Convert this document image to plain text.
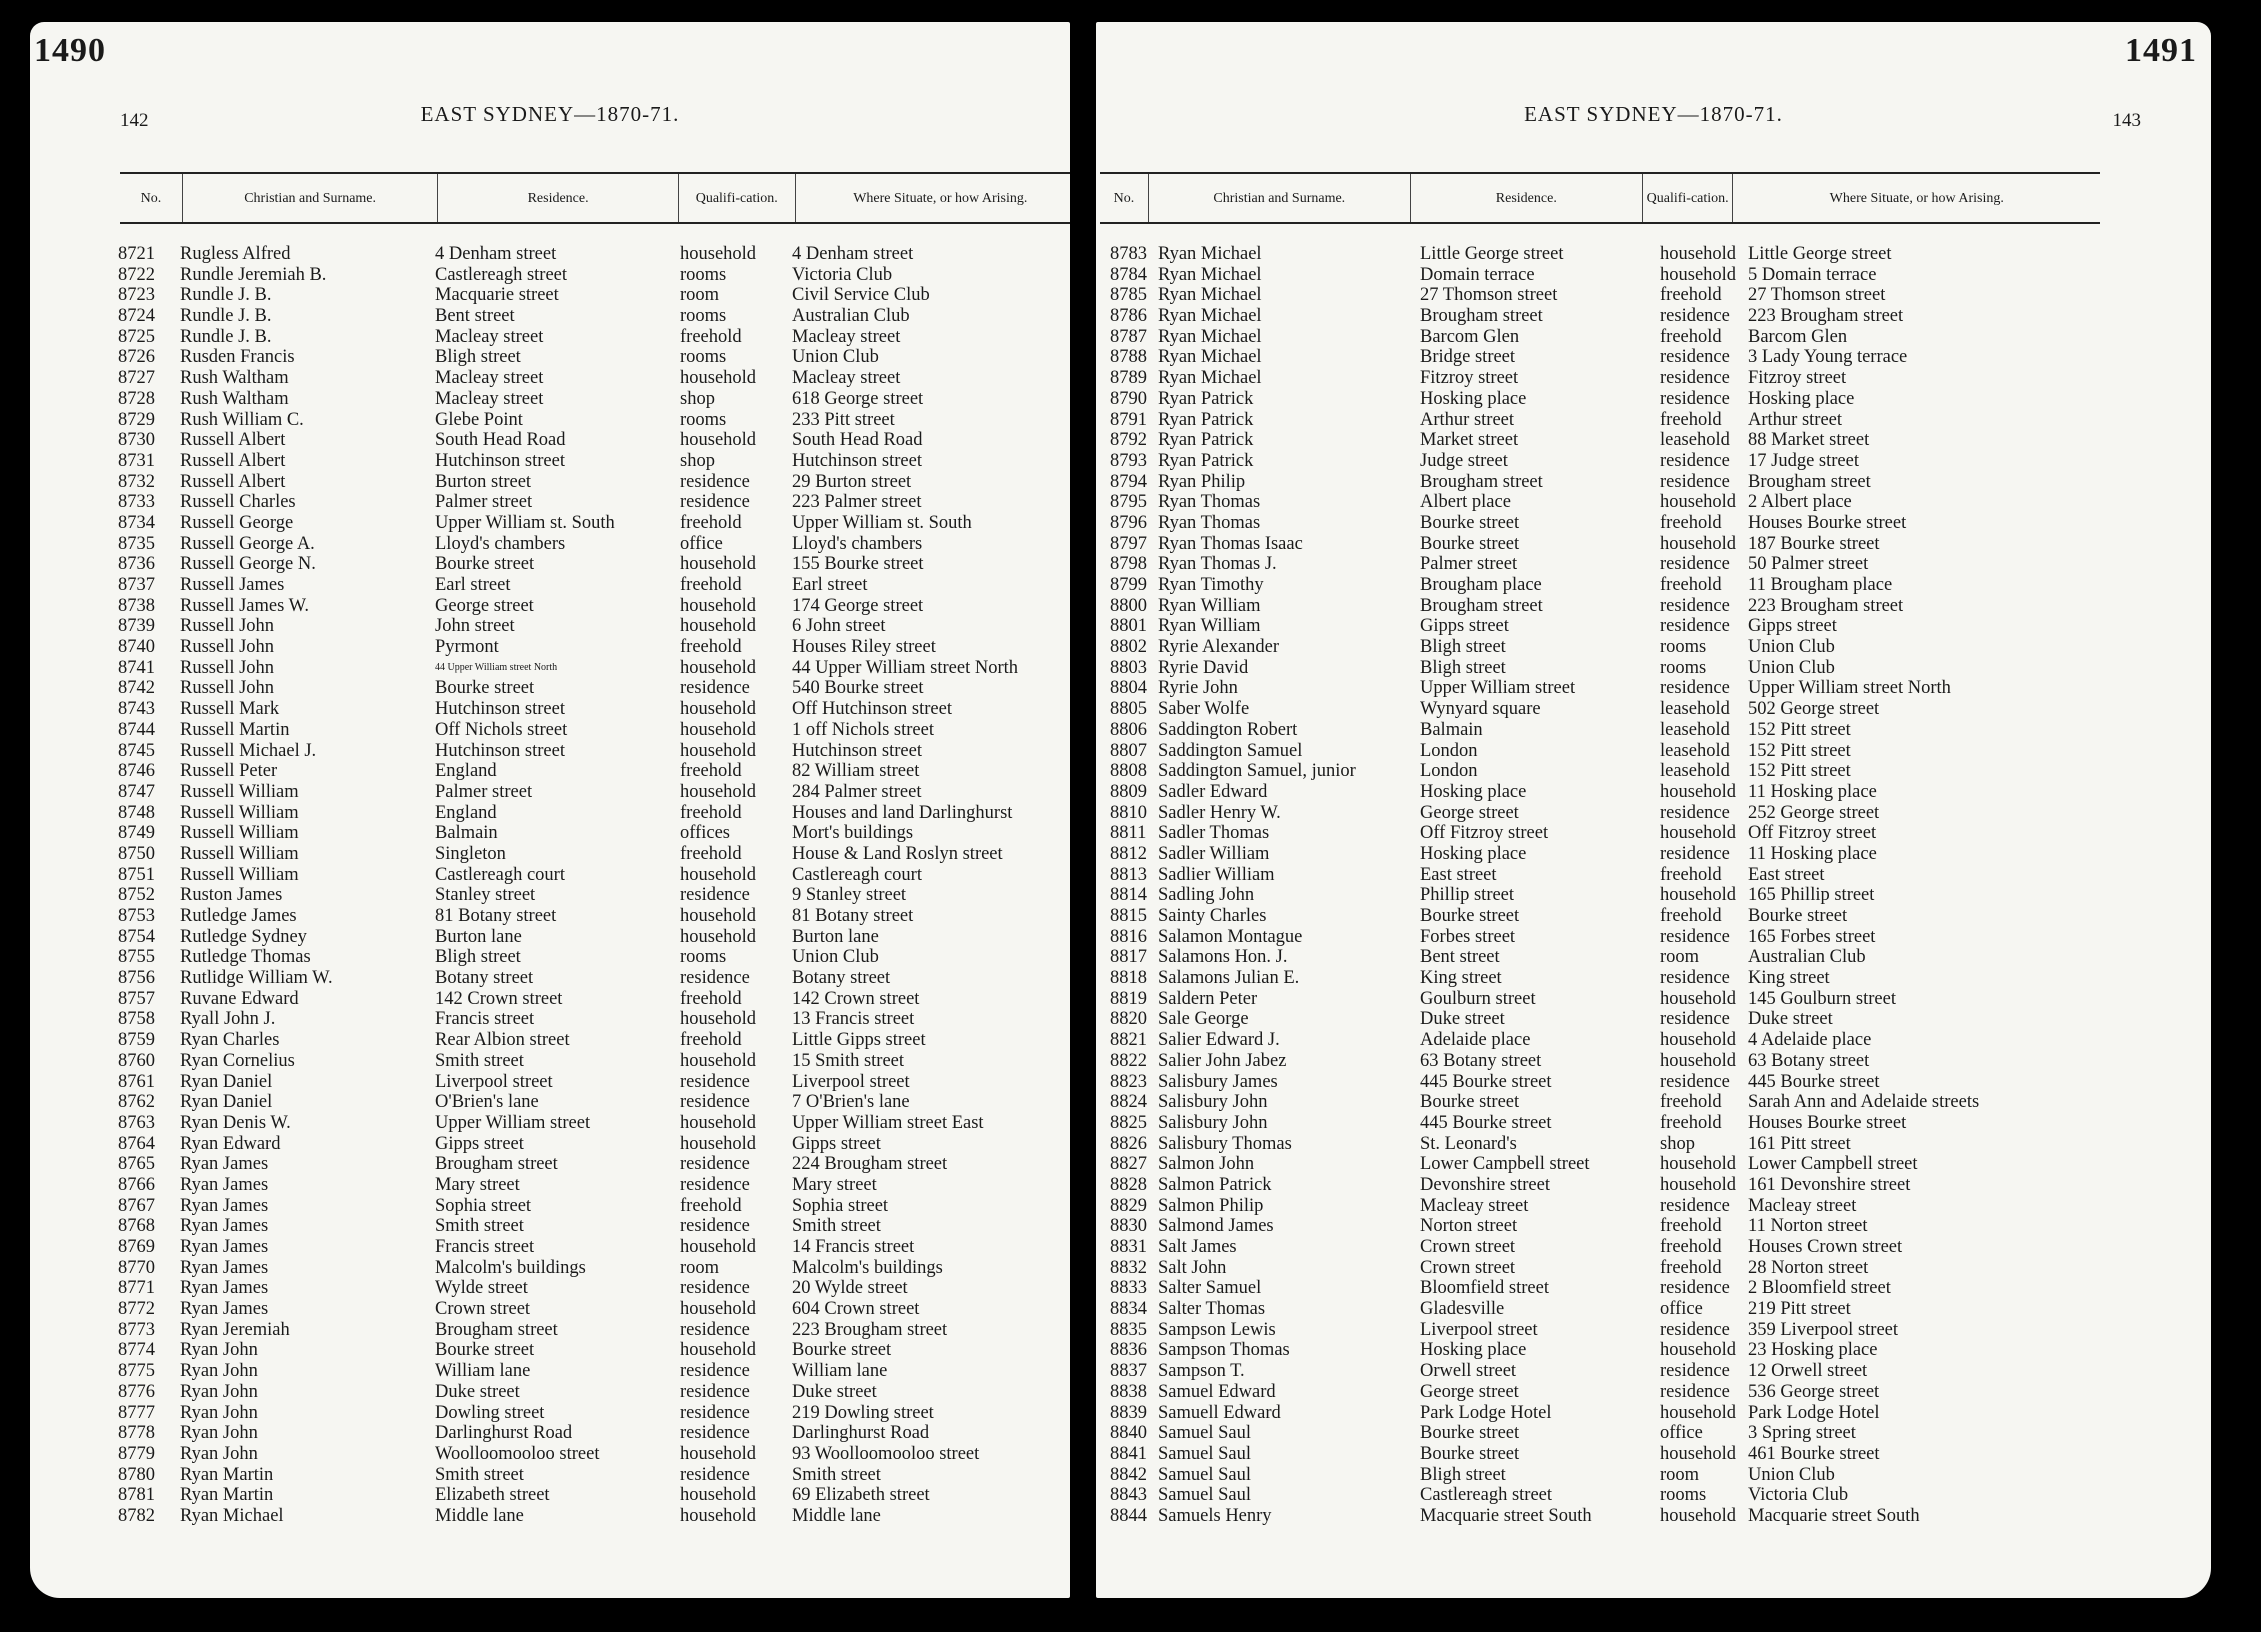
1490
142	EAST SYDNEY—1870-71.
No.	Christian and Surname.	Residence.	Qualifi-cation.	Where Situate, or how Arising.
8721	Rugless Alfred	4 Denham street	household	4 Denham street
8722	Rundle Jeremiah B.	Castlereagh street	rooms	Victoria Club
8723	Rundle J. B.	Macquarie street	room	Civil Service Club
8724	Rundle J. B.	Bent street	rooms	Australian Club
8725	Rundle J. B.	Macleay street	freehold	Macleay street
8726	Rusden Francis	Bligh street	rooms	Union Club
8727	Rush Waltham	Macleay street	household	Macleay street
8728	Rush Waltham	Macleay street	shop	618 George street
8729	Rush William C.	Glebe Point	rooms	233 Pitt street
8730	Russell Albert	South Head Road	household	South Head Road
8731	Russell Albert	Hutchinson street	shop	Hutchinson street
8732	Russell Albert	Burton street	residence	29 Burton street
8733	Russell Charles	Palmer street	residence	223 Palmer street
8734	Russell George	Upper William st. South	freehold	Upper William st. South
8735	Russell George A.	Lloyd's chambers	office	Lloyd's chambers
8736	Russell George N.	Bourke street	household	155 Bourke street
8737	Russell James	Earl street	freehold	Earl street
8738	Russell James W.	George street	household	174 George street
8739	Russell John	John street	household	6 John street
8740	Russell John	Pyrmont	freehold	Houses Riley street
8741	Russell John	44 Upper William street North	household	44 Upper William street North
8742	Russell John	Bourke street	residence	540 Bourke street
8743	Russell Mark	Hutchinson street	household	Off Hutchinson street
8744	Russell Martin	Off Nichols street	household	1 off Nichols street
8745	Russell Michael J.	Hutchinson street	household	Hutchinson street
8746	Russell Peter	England	freehold	82 William street
8747	Russell William	Palmer street	household	284 Palmer street
8748	Russell William	England	freehold	Houses and land Darlinghurst
8749	Russell William	Balmain	offices	Mort's buildings
8750	Russell William	Singleton	freehold	House & Land Roslyn street
8751	Russell William	Castlereagh court	household	Castlereagh court
8752	Ruston James	Stanley street	residence	9 Stanley street
8753	Rutledge James	81 Botany street	household	81 Botany street
8754	Rutledge Sydney	Burton lane	household	Burton lane
8755	Rutledge Thomas	Bligh street	rooms	Union Club
8756	Rutlidge William W.	Botany street	residence	Botany street
8757	Ruvane Edward	142 Crown street	freehold	142 Crown street
8758	Ryall John J.	Francis street	household	13 Francis street
8759	Ryan Charles	Rear Albion street	freehold	Little Gipps street
8760	Ryan Cornelius	Smith street	household	15 Smith street
8761	Ryan Daniel	Liverpool street	residence	Liverpool street
8762	Ryan Daniel	O'Brien's lane	residence	7 O'Brien's lane
8763	Ryan Denis W.	Upper William street	household	Upper William street East
8764	Ryan Edward	Gipps street	household	Gipps street
8765	Ryan James	Brougham street	residence	224 Brougham street
8766	Ryan James	Mary street	residence	Mary street
8767	Ryan James	Sophia street	freehold	Sophia street
8768	Ryan James	Smith street	residence	Smith street
8769	Ryan James	Francis street	household	14 Francis street
8770	Ryan James	Malcolm's buildings	room	Malcolm's buildings
8771	Ryan James	Wylde street	residence	20 Wylde street
8772	Ryan James	Crown street	household	604 Crown street
8773	Ryan Jeremiah	Brougham street	residence	223 Brougham street
8774	Ryan John	Bourke street	household	Bourke street
8775	Ryan John	William lane	residence	William lane
8776	Ryan John	Duke street	residence	Duke street
8777	Ryan John	Dowling street	residence	219 Dowling street
8778	Ryan John	Darlinghurst Road	residence	Darlinghurst Road
8779	Ryan John	Woolloomooloo street	household	93 Woolloomooloo street
8780	Ryan Martin	Smith street	residence	Smith street
8781	Ryan Martin	Elizabeth street	household	69 Elizabeth street
8782	Ryan Michael	Middle lane	household	Middle lane
1491
143
EAST SYDNEY—1870-71.
No.	Christian and Surname.	Residence.	Qualifi-cation.	Where Situate, or how Arising.
8783 Ryan Michael	Little George street	household Little George street
8784 Ryan Michael	Domain terrace	household 5 Domain terrace
8785 Ryan Michael	27 Thomson street	freehold	27 Thomson street
8786 Ryan Michael	Brougham street	residence 223 Brougham street
8787 Ryan Michael	Barcom Glen	freehold	Barcom Glen
8788 Ryan Michael	Bridge street	residence 3 Lady Young terrace
8789 Ryan Michael	Fitzroy street	residence Fitzroy street
8790 Ryan Patrick	Hosking place	residence Hosking place
8791 Ryan Patrick	Arthur street	freehold	Arthur street
8792 Ryan Patrick	Market street	leasehold 88 Market street
8793 Ryan Patrick	Judge street	residence 17 Judge street
8794 Ryan Philip	Brougham street	residence Brougham street
8795 Ryan Thomas	Albert place	household 2 Albert place
8796 Ryan Thomas	Bourke street	freehold	Houses Bourke street
8797 Ryan Thomas Isaac	Bourke street	household 187 Bourke street
8798 Ryan Thomas J.	Palmer street	residence 50 Palmer street
8799 Ryan Timothy	Brougham place	freehold	11 Brougham place
8800 Ryan William	Brougham street	residence 223 Brougham street
8801 Ryan William	Gipps street	residence Gipps street
8802 Ryrie Alexander	Bligh street	rooms	Union Club
8803 Ryrie David	Bligh street	rooms	Union Club
8804 Ryrie John	Upper William street	residence Upper William street North
8805 Saber Wolfe	Wynyard square	leasehold 502 George street
8806 Saddington Robert	Balmain	leasehold 152 Pitt street
8807 Saddington Samuel	London	leasehold 152 Pitt street
8808 Saddington Samuel, junior	London	leasehold 152 Pitt street
8809 Sadler Edward	Hosking place	household 11 Hosking place
8810 Sadler Henry W.	George street	residence 252 George street
8811 Sadler Thomas	Off Fitzroy street	household Off Fitzroy street
8812 Sadler William	Hosking place	residence 11 Hosking place
8813 Sadlier William	East street	freehold	East street
8814 Sadling John	Phillip street	household 165 Phillip street
8815 Sainty Charles	Bourke street	freehold	Bourke street
8816 Salamon Montague	Forbes street	residence 165 Forbes street
8817 Salamons Hon. J.	Bent street	room	Australian Club
8818 Salamons Julian E.	King street	residence King street
8819 Saldern Peter	Goulburn street	household 145 Goulburn street
8820 Sale George	Duke street	residence Duke street
8821 Salier Edward J.	Adelaide place	household 4 Adelaide place
8822 Salier John Jabez	63 Botany street	household 63 Botany street
8823 Salisbury James	445 Bourke street	residence 445 Bourke street
8824 Salisbury John	Bourke street	freehold	Sarah Ann and Adelaide streets
8825 Salisbury John	445 Bourke street	freehold	Houses Bourke street
8826 Salisbury Thomas	St. Leonard's	shop	161 Pitt street
8827 Salmon John	Lower Campbell street	household Lower Campbell street
8828 Salmon Patrick	Devonshire street	household 161 Devonshire street
8829 Salmon Philip	Macleay street	residence Macleay street
8830 Salmond James	Norton street	freehold	11 Norton street
8831 Salt James	Crown street	freehold	Houses Crown street
8832 Salt John	Crown street	freehold	28 Norton street
8833 Salter Samuel	Bloomfield street	residence 2 Bloomfield street
8834 Salter Thomas	Gladesville	office	219 Pitt street
8835 Sampson Lewis	Liverpool street	residence 359 Liverpool street
8836 Sampson Thomas	Hosking place	household 23 Hosking place
8837 Sampson T.	Orwell street	residence 12 Orwell street
8838 Samuel Edward	George street	residence 536 George street
8839 Samuell Edward	Park Lodge Hotel	household Park Lodge Hotel
8840 Samuel Saul	Bourke street	office	3 Spring street
8841 Samuel Saul	Bourke street	household 461 Bourke street
8842 Samuel Saul	Bligh street	room	Union Club
8843 Samuel Saul	Castlereagh street	rooms	Victoria Club
8844 Samuels Henry	Macquarie street South	household Macquarie street South
